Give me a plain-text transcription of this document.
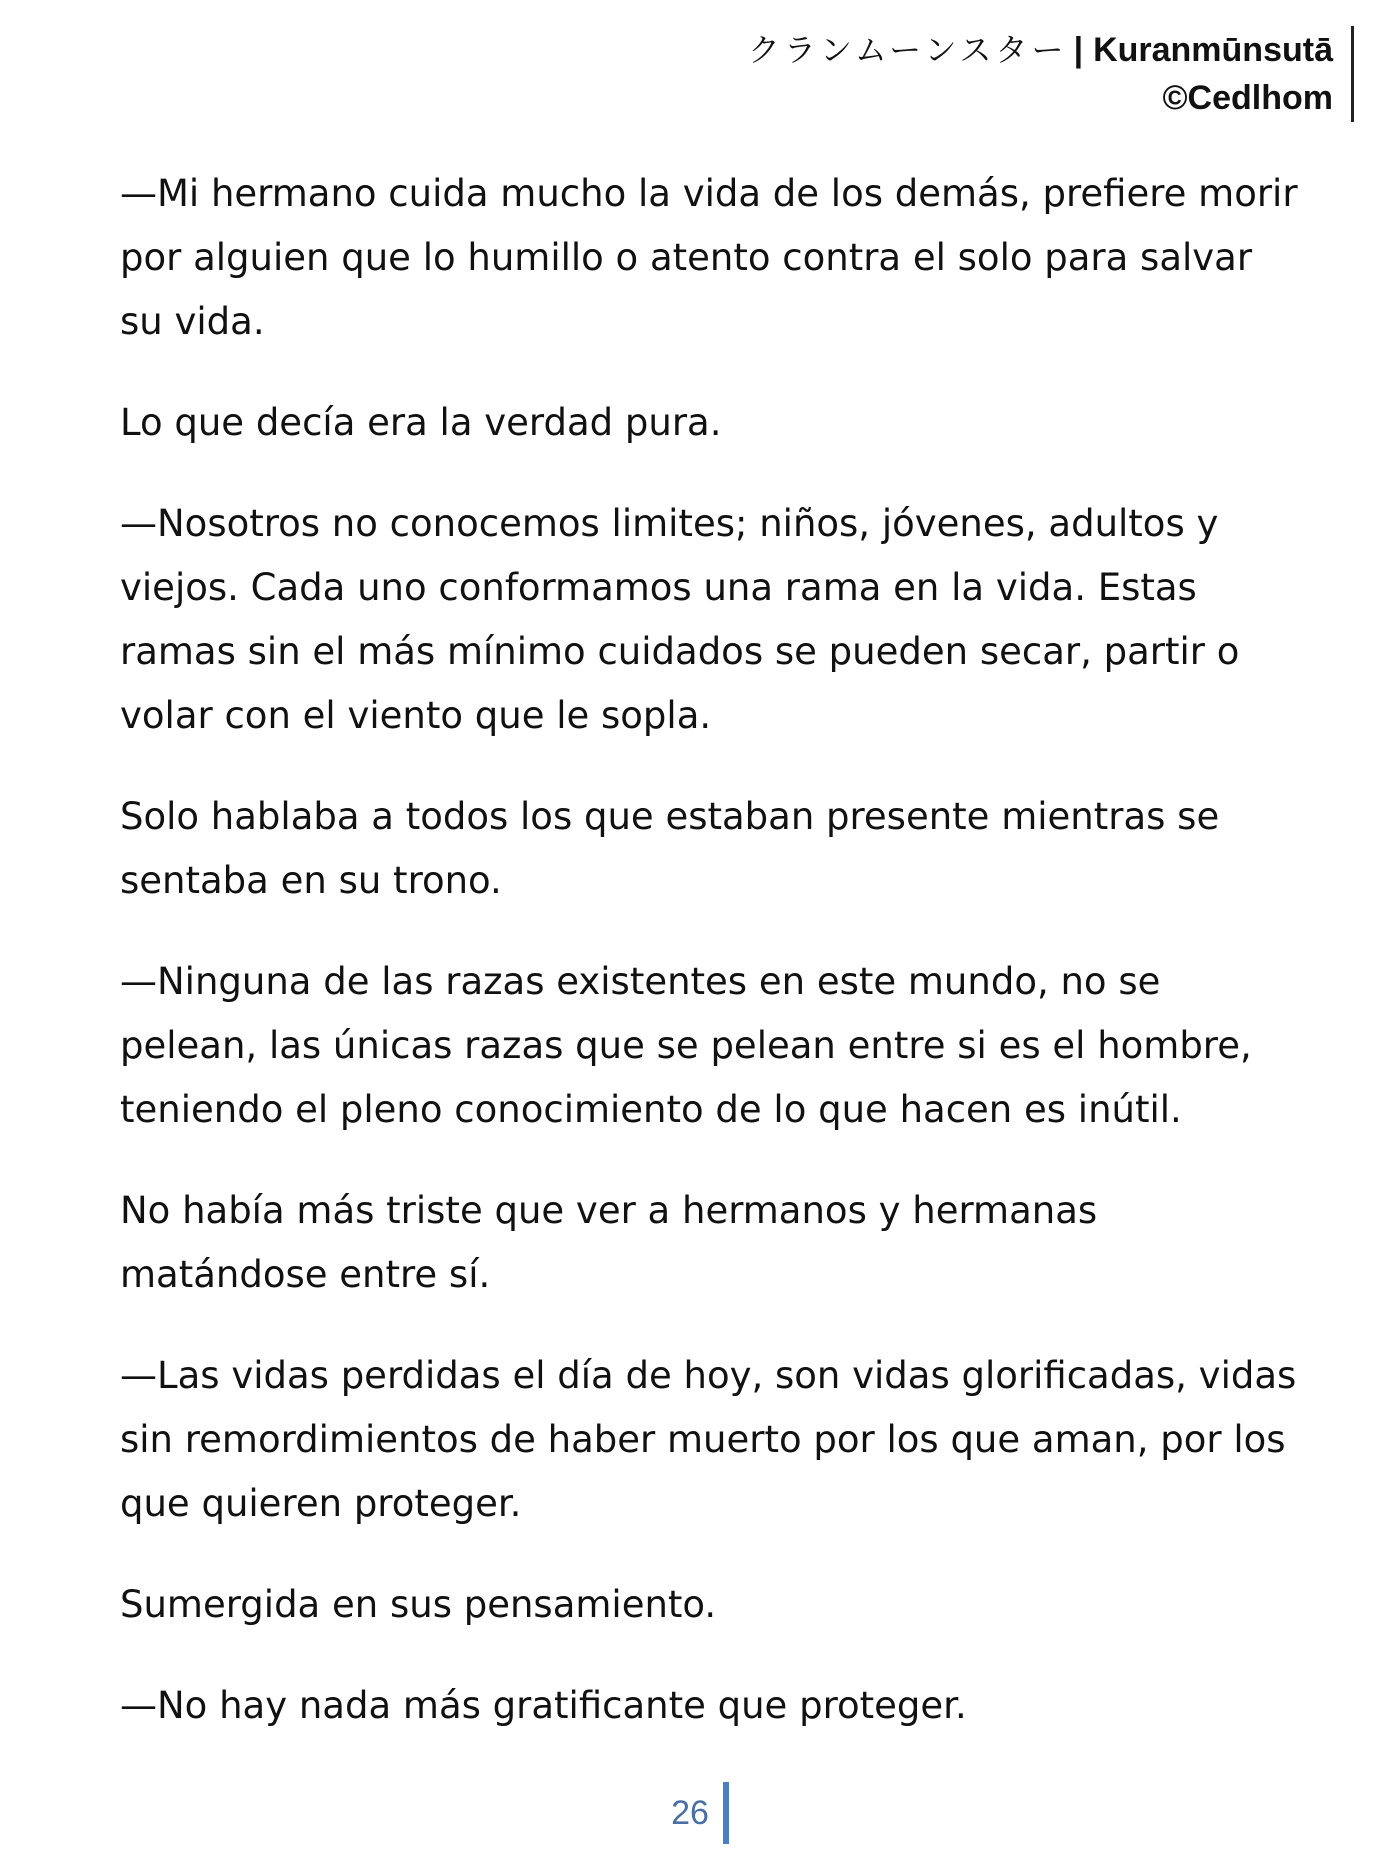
クランムーンスター | Kuranmūnsutā
©Cedlhom

—Mi hermano cuida mucho la vida de los demás, prefiere morir por alguien que lo humillo o atento contra el solo para salvar su vida.

Lo que decía era la verdad pura.

—Nosotros no conocemos limites; niños, jóvenes, adultos y viejos. Cada uno conformamos una rama en la vida. Estas ramas sin el más mínimo cuidados se pueden secar, partir o volar con el viento que le sopla.

Solo hablaba a todos los que estaban presente mientras se sentaba en su trono.

—Ninguna de las razas existentes en este mundo, no se pelean, las únicas razas que se pelean entre si es el hombre, teniendo el pleno conocimiento de lo que hacen es inútil.

No había más triste que ver a hermanos y hermanas matándose entre sí.

—Las vidas perdidas el día de hoy, son vidas glorificadas, vidas sin remordimientos de haber muerto por los que aman, por los que quieren proteger.

Sumergida en sus pensamiento.

—No hay nada más gratificante que proteger.

26
